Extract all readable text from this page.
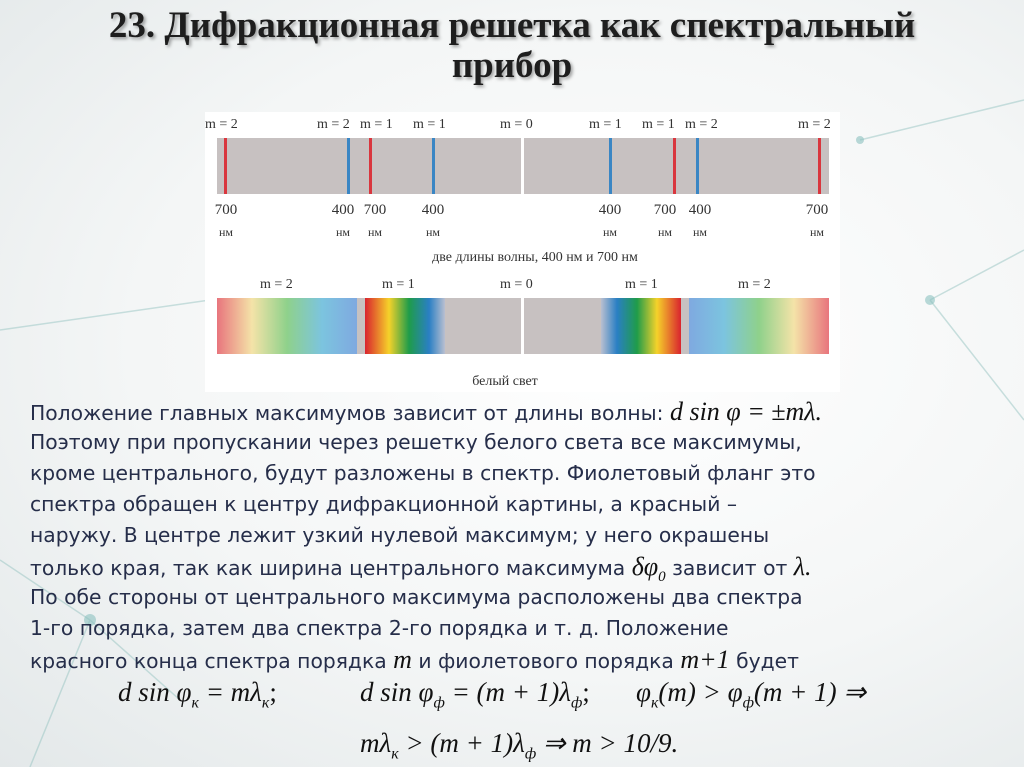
23. Дифракционная решетка как спектральный
прибор
m = 2	m = 2 m = 1 m = 1	m = 0	m = 1 m = 1 m = 2	m = 2
700	400 700 400	400 700 400	700
нм	нм нм	нм	нм	нм нм	нм
две длины волны, 400 нм и 700 нм
m = 2	m = 1	m = 0	m = 1	m = 2
белый свет
Положение главных максимумов зависит от длины волны: d sin φ = ±mλ.
Поэтому при пропускании через решетку белого света все максимумы,
кроме центрального, будут разложены в спектр. Фиолетовый фланг это
спектра обращен к центру дифракционной картины, а красный –
наружу. В центре лежит узкий нулевой максимум; у него окрашены
только края, так как ширина центрального максимума $\delta\varphi_0$ зависит от λ.
По обе стороны от центрального максимума расположены два спектра
1-го порядка, затем два спектра 2-го порядка и т. д. Положение
красного конца спектра порядка m и фиолетового порядка m+1 будет
d $\sin \varphi_к = m\lambda_к$;	d $\sin \varphi_ф = (m + 1)\lambda_ф$; $\varphi_к(m) > \varphi_ф(m + 1)$ ⇒
$m\lambda_к > (m + 1)\lambda_ф$ ⇒ m > 10/9.
